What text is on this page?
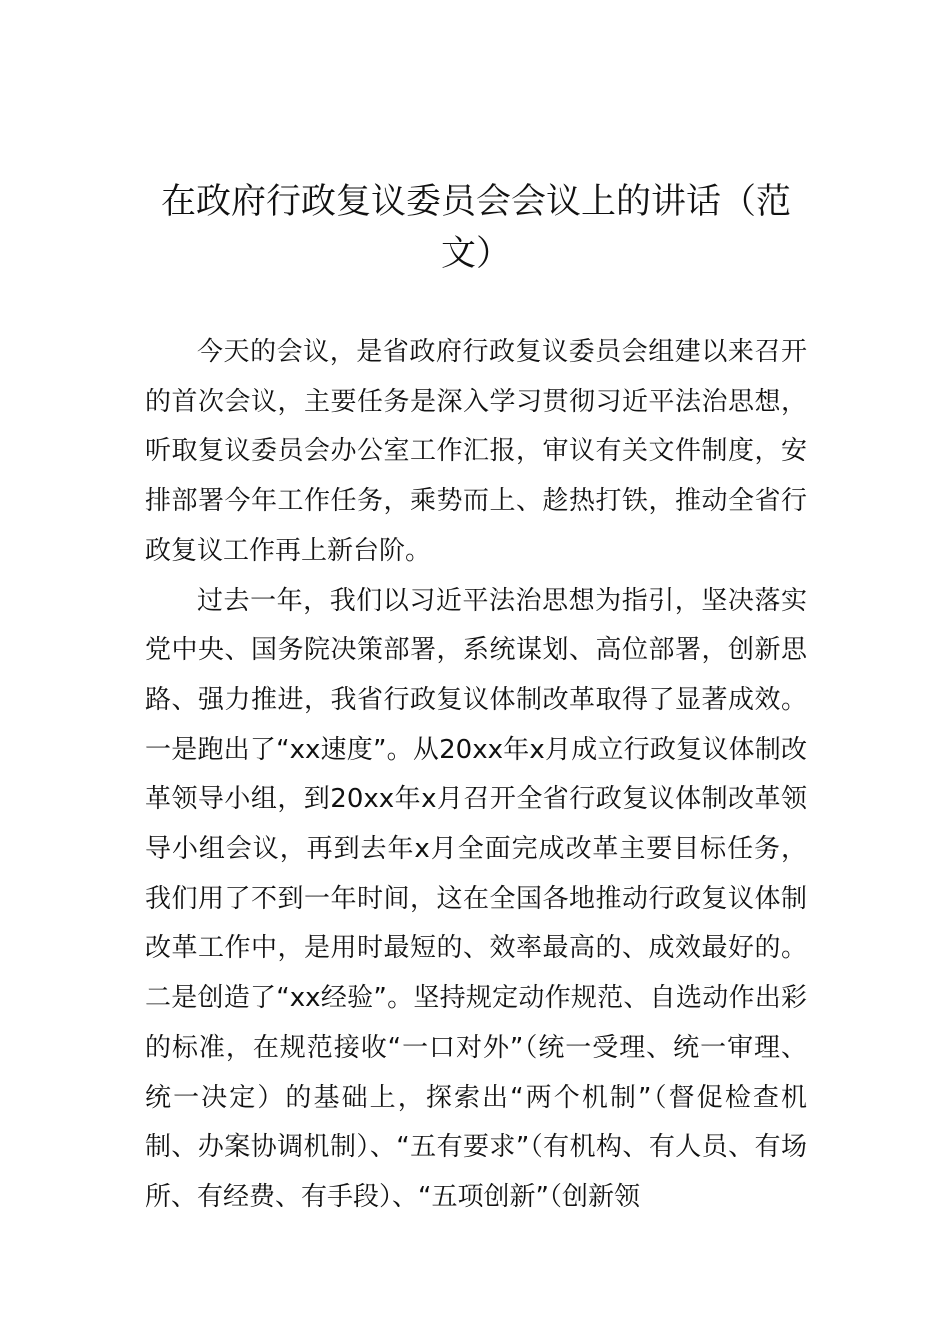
在政府行政复议委员会会议上的讲话（范文）

今天的会议，是省政府行政复议委员会组建以来召开的首次会议，主要任务是深入学习贯彻习近平法治思想，听取复议委员会办公室工作汇报，审议有关文件制度，安排部署今年工作任务，乘势而上、趁热打铁，推动全省行政复议工作再上新台阶。

过去一年，我们以习近平法治思想为指引，坚决落实党中央、国务院决策部署，系统谋划、高位部署，创新思路、强力推进，我省行政复议体制改革取得了显著成效。一是跑出了“xx速度”。从20xx年x月成立行政复议体制改革领导小组，到20xx年x月召开全省行政复议体制改革领导小组会议，再到去年x月全面完成改革主要目标任务，我们用了不到一年时间，这在全国各地推动行政复议体制改革工作中，是用时最短的、效率最高的、成效最好的。二是创造了“xx经验”。坚持规定动作规范、自选动作出彩的标准，在规范接收“一口对外”（统一受理、统一审理、统一决定）的基础上，探索出“两个机制”（督促检查机制、办案协调机制）、“五有要求”（有机构、有人员、有场所、有经费、有手段）、“五项创新”（创新领
